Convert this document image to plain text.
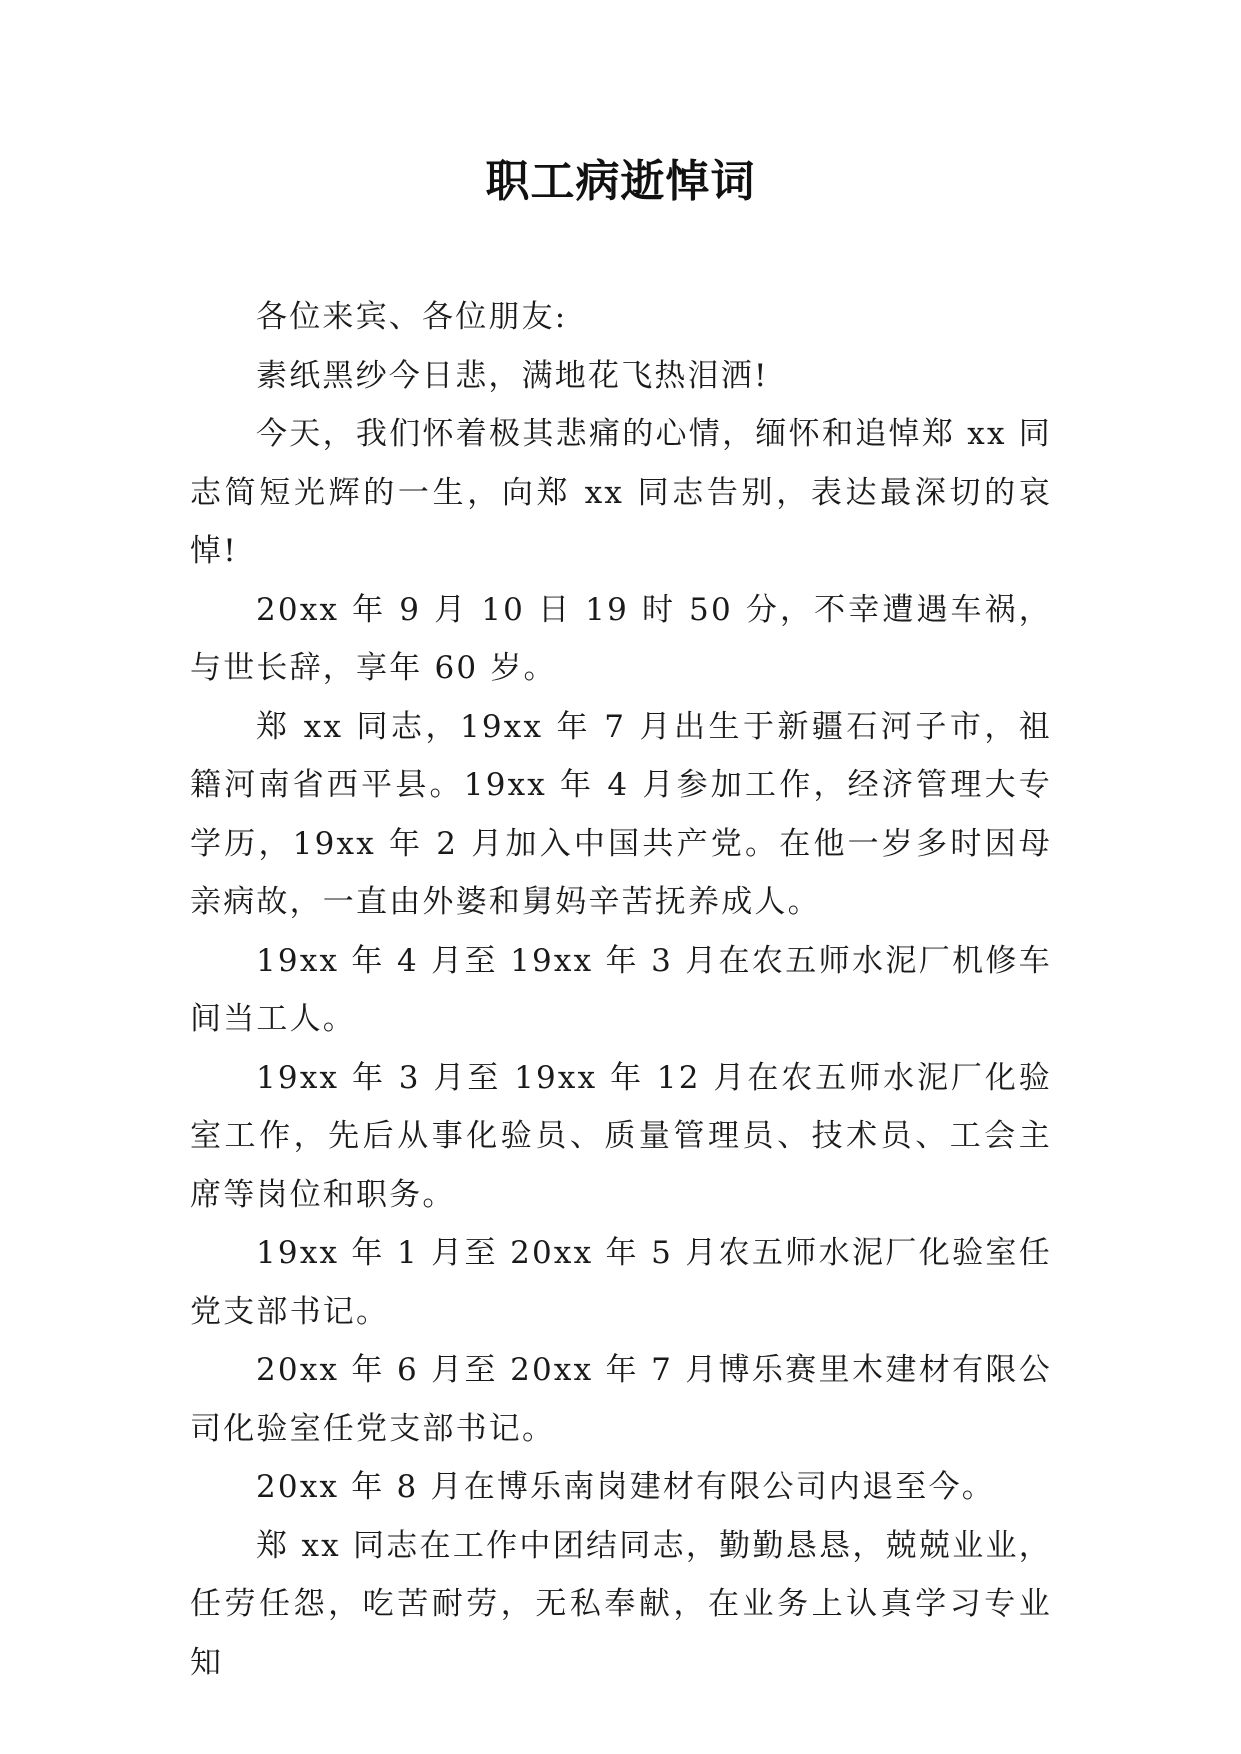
职工病逝悼词

各位来宾、各位朋友:

素纸黑纱今日悲，满地花飞热泪洒!

今天，我们怀着极其悲痛的心情，缅怀和追悼郑 xx 同志简短光辉的一生，向郑 xx 同志告别，表达最深切的哀悼!

20xx 年 9 月 10 日 19 时 50 分，不幸遭遇车祸，与世长辞，享年 60 岁。

郑 xx 同志，19xx 年 7 月出生于新疆石河子市，祖籍河南省西平县。19xx 年 4 月参加工作，经济管理大专学历，19xx 年 2 月加入中国共产党。在他一岁多时因母亲病故，一直由外婆和舅妈辛苦抚养成人。

19xx 年 4 月至 19xx 年 3 月在农五师水泥厂机修车间当工人。

19xx 年 3 月至 19xx 年 12 月在农五师水泥厂化验室工作，先后从事化验员、质量管理员、技术员、工会主席等岗位和职务。

19xx 年 1 月至 20xx 年 5 月农五师水泥厂化验室任党支部书记。

20xx 年 6 月至 20xx 年 7 月博乐赛里木建材有限公司化验室任党支部书记。

20xx 年 8 月在博乐南岗建材有限公司内退至今。

郑 xx 同志在工作中团结同志，勤勤恳恳，兢兢业业，任劳任怨，吃苦耐劳，无私奉献，在业务上认真学习专业知
